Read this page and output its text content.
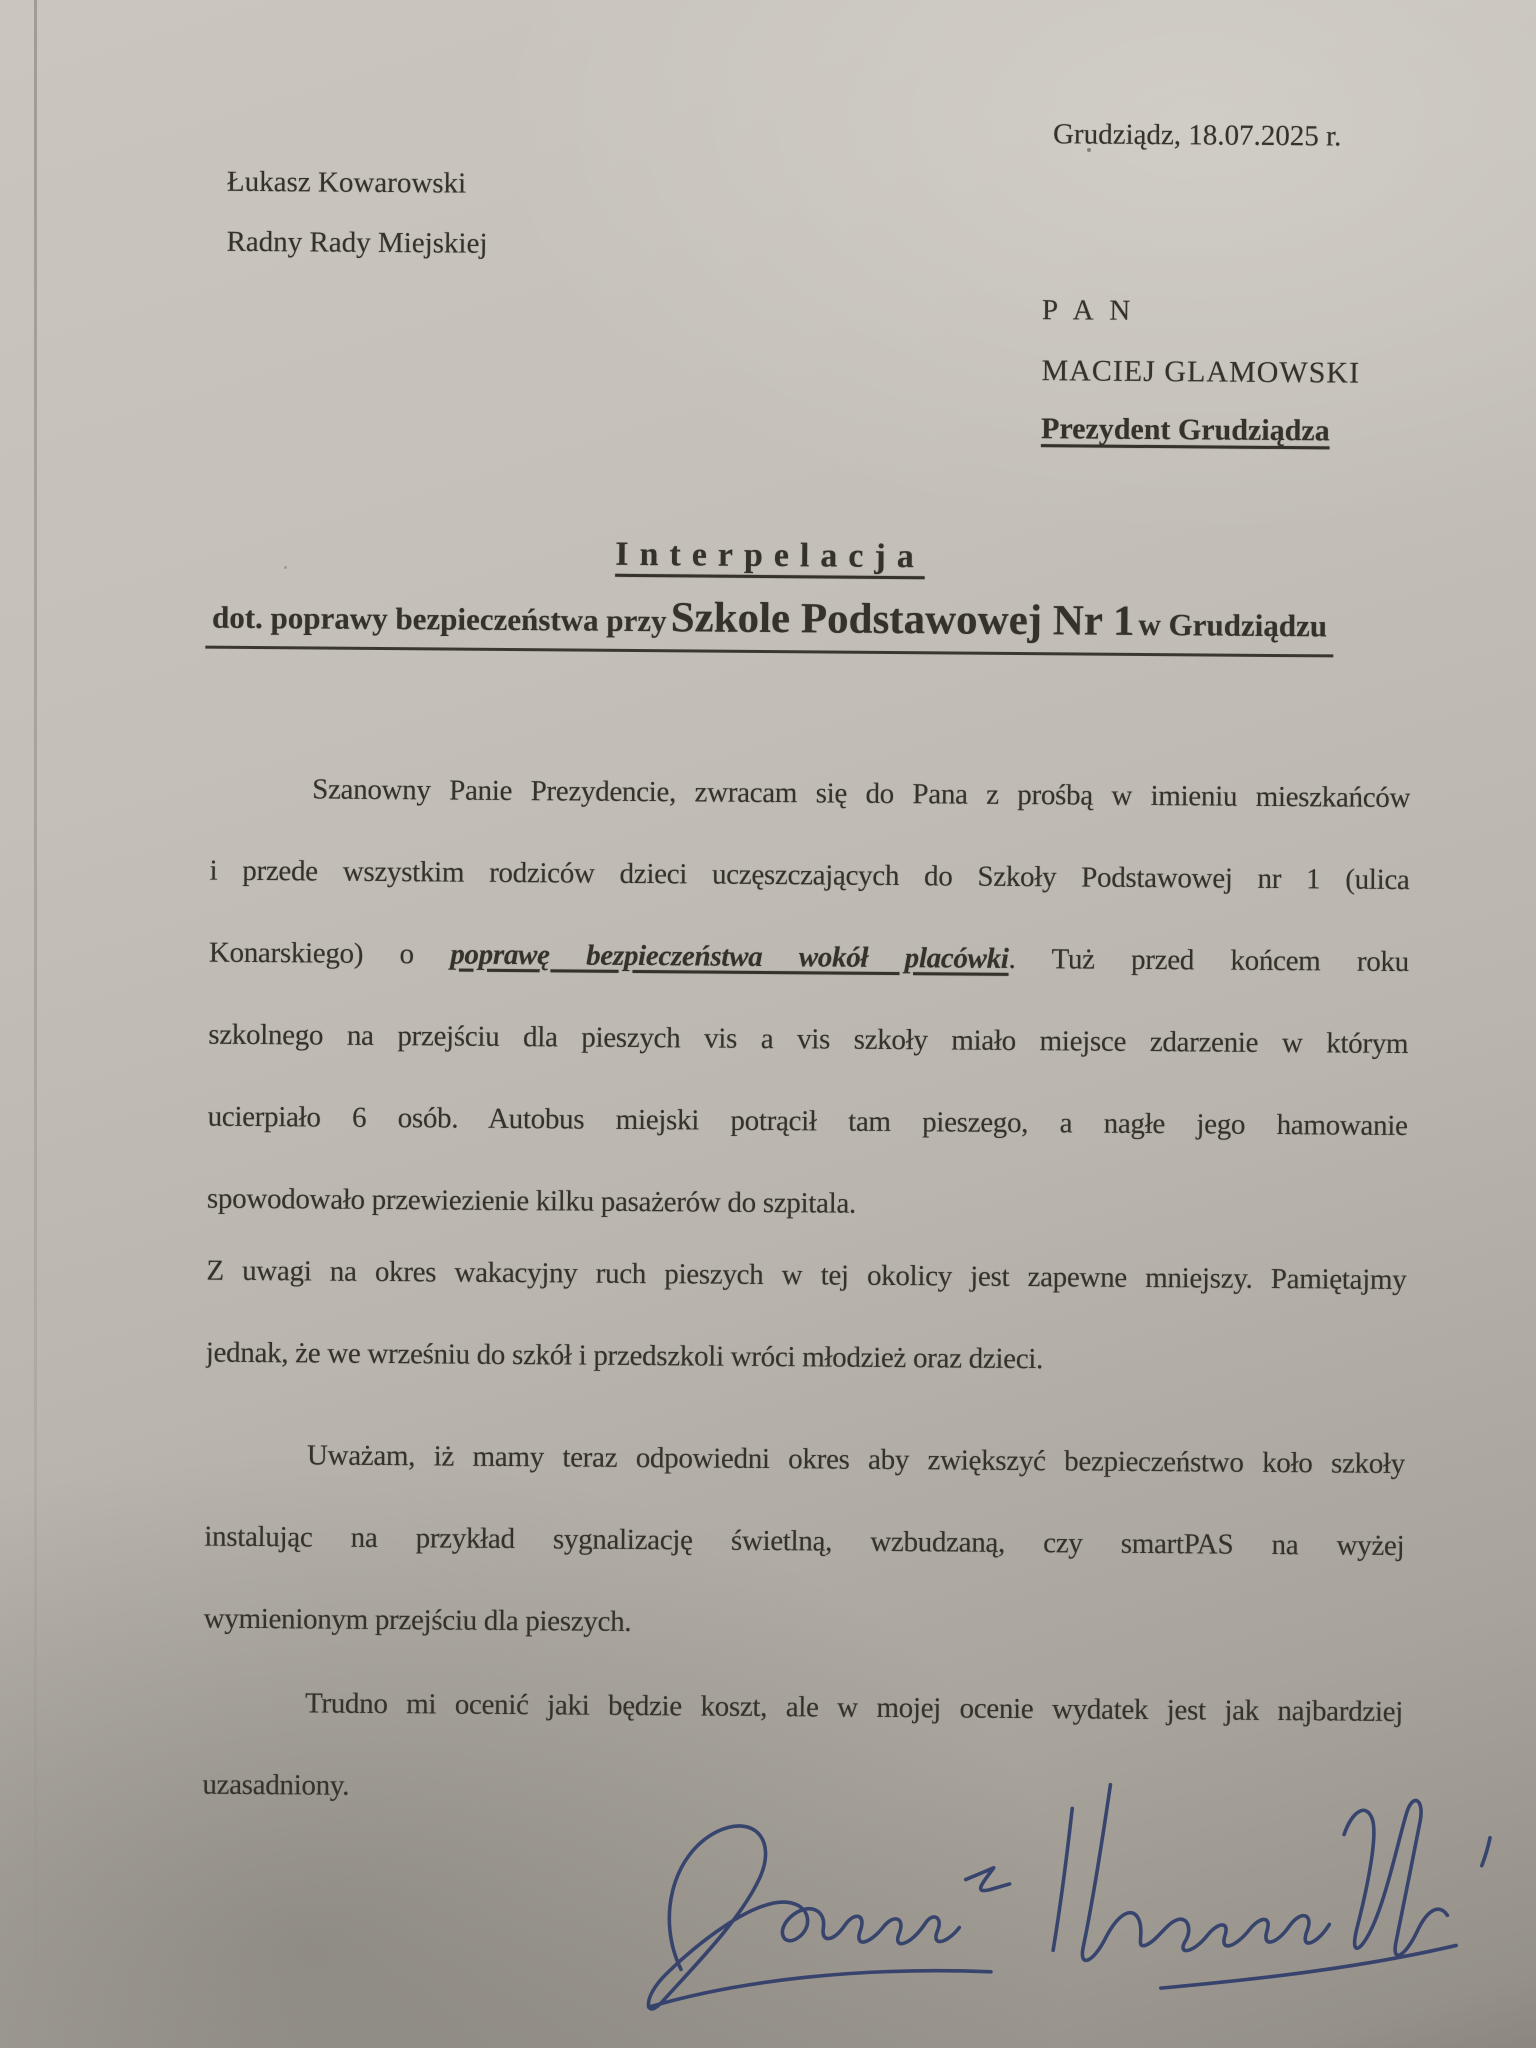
Grudziądz, 18.07.2025 r.
Łukasz Kowarowski
Radny Rady Miejskiej
P A N
MACIEJ GLAMOWSKI
Prezydent Grudziądza
Interpelacja
dot. poprawy bezpieczeństwa przy Szkole Podstawowej Nr 1 w Grudziądzu
Szanowny Panie Prezydencie, zwracam się do Pana z prośbą w imieniu mieszkańców
i przede wszystkim rodziców dzieci uczęszczających do Szkoły Podstawowej nr 1 (ulica
Konarskiego) o poprawę bezpieczeństwa wokół placówki. Tuż przed końcem roku
szkolnego na przejściu dla pieszych vis a vis szkoły miało miejsce zdarzenie w którym
ucierpiało 6 osób. Autobus miejski potrącił tam pieszego, a nagłe jego hamowanie
spowodowało przewiezienie kilku pasażerów do szpitala.
Z uwagi na okres wakacyjny ruch pieszych w tej okolicy jest zapewne mniejszy. Pamiętajmy
jednak, że we wrześniu do szkół i przedszkoli wróci młodzież oraz dzieci.
Uważam, iż mamy teraz odpowiedni okres aby zwiększyć bezpieczeństwo koło szkoły
instalując na przykład sygnalizację świetlną, wzbudzaną, czy smartPAS na wyżej
wymienionym przejściu dla pieszych.
Trudno mi ocenić jaki będzie koszt, ale w mojej ocenie wydatek jest jak najbardziej
uzasadniony.
